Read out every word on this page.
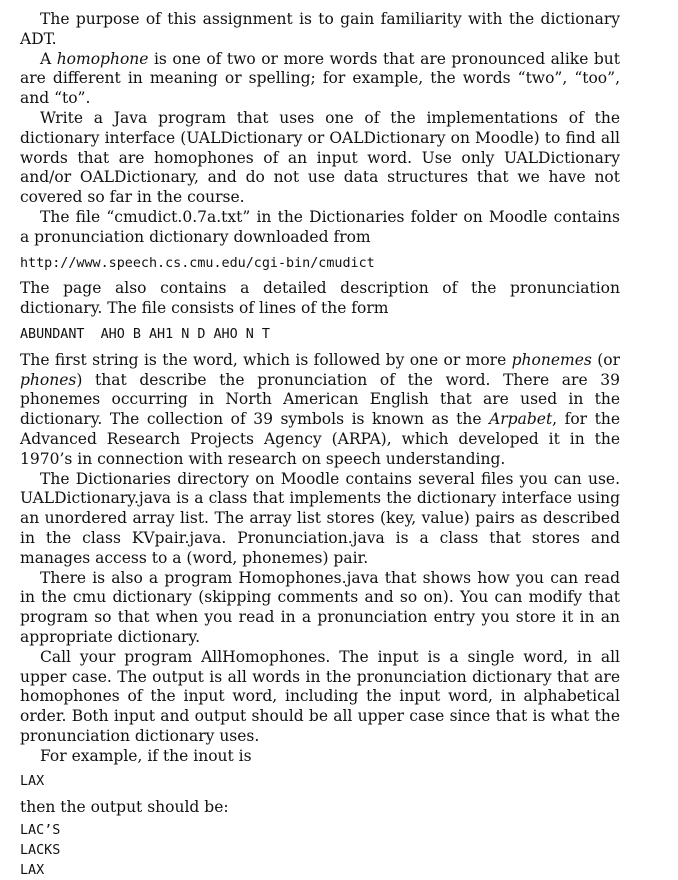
The purpose of this assignment is to gain familiarity with the dictionary ADT.

A homophone is one of two or more words that are pronounced alike but are different in meaning or spelling; for example, the words “two”, “too”, and “to”.

Write a Java program that uses one of the implementations of the dictionary interface (UALDictionary or OALDictionary on Moodle) to find all words that are homophones of an input word. Use only UALDictionary and/or OALDictionary, and do not use data structures that we have not covered so far in the course.

The file “cmudict.0.7a.txt” in the Dictionaries folder on Moodle contains a pronunciation dictionary downloaded from

http://www.speech.cs.cmu.edu/cgi-bin/cmudict

The page also contains a detailed description of the pronunciation dictionary. The file consists of lines of the form

ABUNDANT  AHO B AH1 N D AHO N T

The first string is the word, which is followed by one or more phonemes (or phones) that describe the pronunciation of the word. There are 39 phonemes occurring in North American English that are used in the dictionary. The collection of 39 symbols is known as the Arpabet, for the Advanced Research Projects Agency (ARPA), which developed it in the 1970’s in connection with research on speech understanding.

The Dictionaries directory on Moodle contains several files you can use. UALDictionary.java is a class that implements the dictionary interface using an unordered array list. The array list stores (key, value) pairs as described in the class KVpair.java. Pronunciation.java is a class that stores and manages access to a (word, phonemes) pair.

There is also a program Homophones.java that shows how you can read in the cmu dictionary (skipping comments and so on). You can modify that program so that when you read in a pronunciation entry you store it in an appropriate dictionary.

Call your program AllHomophones. The input is a single word, in all upper case. The output is all words in the pronunciation dictionary that are homophones of the input word, including the input word, in alphabetical order. Both input and output should be all upper case since that is what the pronunciation dictionary uses.

For example, if the inout is

LAX

then the output should be:

LAC’S

LACKS

LAX
